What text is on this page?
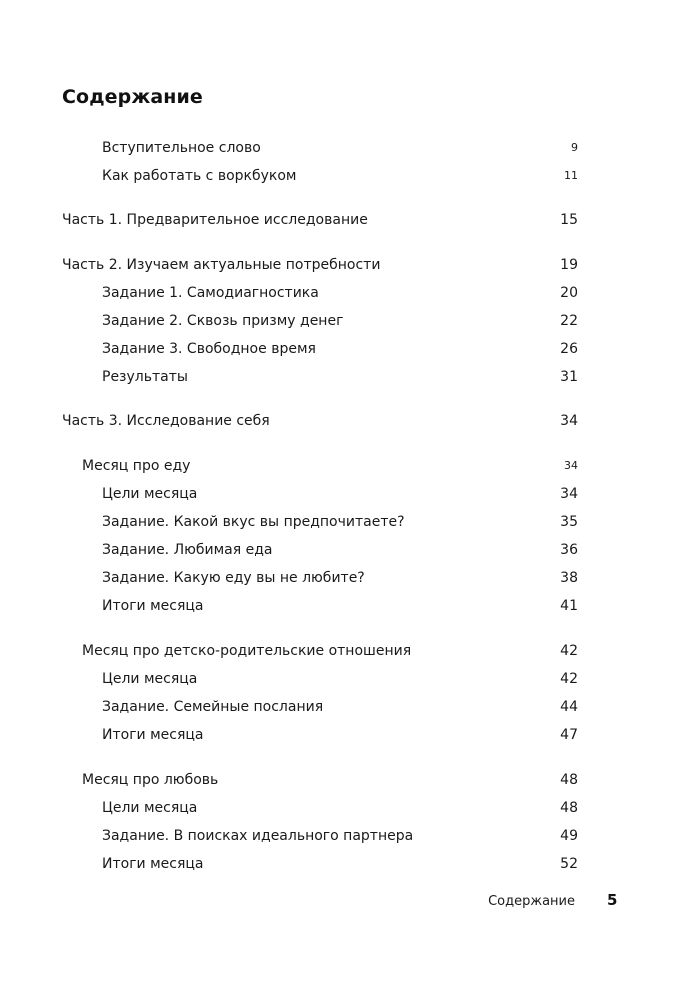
Содержание
Вступительное слово	9
Как работать с воркбуком	11
Часть 1. Предварительное исследование	15
Часть 2. Изучаем актуальные потребности	19
Задание 1. Самодиагностика	20
Задание 2. Сквозь призму денег	22
Задание 3. Свободное время	26
Результаты	31
Часть 3. Исследование себя	34
Месяц про еду	34
Цели месяца	34
Задание. Какой вкус вы предпочитаете?	35
Задание. Любимая еда	36
Задание. Какую еду вы не любите?	38
Итоги месяца	41
Месяц про детско-родительские отношения	42
Цели месяца	42
Задание. Семейные послания	44
Итоги месяца	47
Месяц про любовь	48
Цели месяца	48
Задание. В поисках идеального партнера	49
Итоги месяца	52
Содержание 5
